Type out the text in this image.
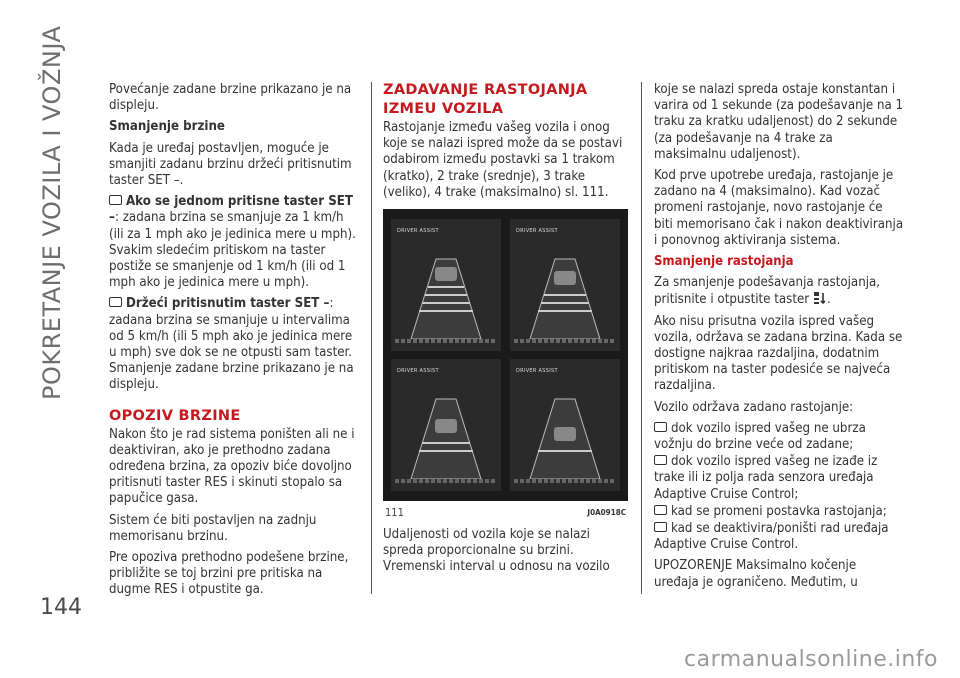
POKRETANJE VOZILA I VOŽNJA
144

Povećanje zadane brzine prikazano je na displeju.

Smanjenje brzine

Kada je uređaj postavljen, moguće je smanjiti zadanu brzinu držeći pritisnutim taster SET –.

Ako se jednom pritisne taster SET –: zadana brzina se smanjuje za 1 km/h (ili za 1 mph ako je jedinica mere u mph). Svakim sledećim pritiskom na taster postiže se smanjenje od 1 km/h (ili od 1 mph ako je jedinica mere u mph).

Držeći pritisnutim taster SET –: zadana brzina se smanjuje u intervalima od 5 km/h (ili 5 mph ako je jedinica mere u mph) sve dok se ne otpusti sam taster. Smanjenje zadane brzine prikazano je na displeju.

OPOZIV BRZINE

Nakon što je rad sistema poništen ali ne i deaktiviran, ako je prethodno zadana određena brzina, za opoziv biće dovoljno pritisnuti taster RES i skinuti stopalo sa papučice gasa.

Sistem će biti postavljen na zadnju memorisanu brzinu.

Pre opoziva prethodno podešene brzine, približite se toj brzini pre pritiska na dugme RES i otpustite ga.

ZADAVANJE RASTOJANJA
IZMEU VOZILA

Rastojanje između vašeg vozila i onog koje se nalazi ispred može da se postavi odabirom između postavki sa 1 trakom (kratko), 2 trake (srednje), 3 trake (veliko), 4 trake (maksimalno) sl. 111.

DRIVER ASSIST	DRIVER ASSIST
DRIVER ASSIST	DRIVER ASSIST
111	J0A0918C

Udaljenosti od vozila koje se nalazi spreda proporcionalne su brzini. Vremenski interval u odnosu na vozilo

koje se nalazi spreda ostaje konstantan i varira od 1 sekunde (za podešavanje na 1 traku za kratku udaljenost) do 2 sekunde (za podešavanje na 4 trake za maksimalnu udaljenost).

Kod prve upotrebe uređaja, rastojanje je zadano na 4 (maksimalno). Kad vozač promeni rastojanje, novo rastojanje će biti memorisano čak i nakon deaktiviranja i ponovnog aktiviranja sistema.

Smanjenje rastojanja

Za smanjenje podešavanja rastojanja, pritisnite i otpustite taster .

Ako nisu prisutna vozila ispred vašeg vozila, održava se zadana brzina. Kada se dostigne najkraa razdaljina, dodatnim pritiskom na taster podesiće se najveća razdaljina.

Vozilo održava zadano rastojanje:

dok vozilo ispred vašeg ne ubrza vožnju do brzine veće od zadane;

dok vozilo ispred vašeg ne izađe iz trake ili iz polja rada senzora uređaja Adaptive Cruise Control;

kad se promeni postavka rastojanja;

kad se deaktivira/poništi rad uređaja Adaptive Cruise Control.

UPOZORENJE Maksimalno kočenje uređaja je ograničeno. Međutim, u

carmanualsonline.info
